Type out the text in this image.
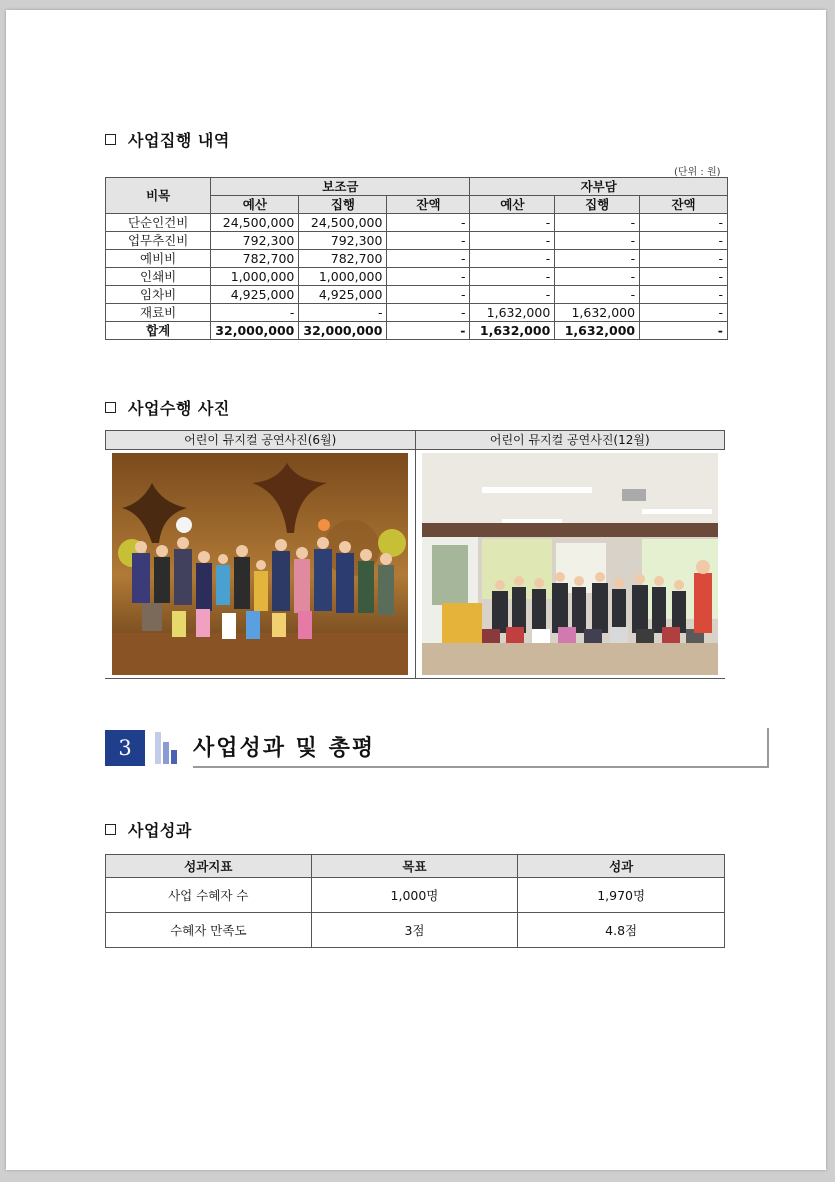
사업집행 내역
(단위 : 원)
비목	보조금			자부담		
	예산	집행	잔액	예산	집행	잔액
단순인건비	24,500,000	24,500,000	-	-	-	-
업무추진비	792,300	792,300	-	-	-	-
예비비	782,700	782,700	-	-	-	-
인쇄비	1,000,000	1,000,000	-	-	-	-
임차비	4,925,000	4,925,000	-	-	-	-
재료비	-	-	-	1,632,000	1,632,000	-
합계	32,000,000	32,000,000	-	1,632,000	1,632,000	-
사업수행 사진
어린이 뮤지컬 공연사진(6월)	어린이 뮤지컬 공연사진(12월)
3	사업성과 및 총평
사업성과
성과지표	목표	성과
사업 수혜자 수	1,000명	1,970명
수혜자 만족도	3점	4.8점
